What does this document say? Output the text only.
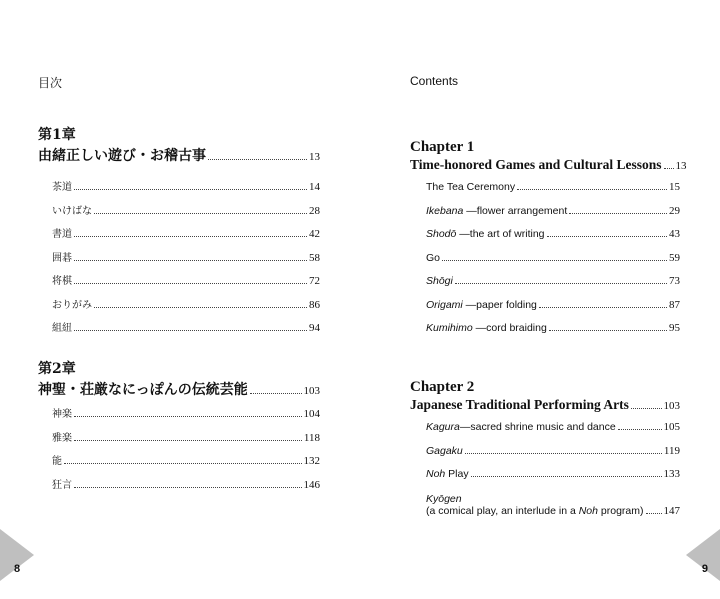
目次
第1章
由緒正しい遊び・お稽古事	13
茶道	14
いけばな	28
書道	42
囲碁	58
将棋	72
おりがみ	86
組紐	94
第2章
神聖・荘厳なにっぽんの伝統芸能	103
神楽	104
雅楽	118
能	132
狂言	146
8
Contents
Chapter 1
Time-honored Games and Cultural Lessons 13
The Tea Ceremony	15
Ikebana —flower arrangement	29
Shodō —the art of writing	43
Go	59
Shōgi	73
Origami —paper folding	87
Kumihimo —cord braiding	95
Chapter 2
Japanese Traditional Performing Arts	103
Kagura—sacred shrine music and dance	105
Gagaku	119
Noh Play	133
Kyōgen
(a comical play, an interlude in a Noh program) 147
9
